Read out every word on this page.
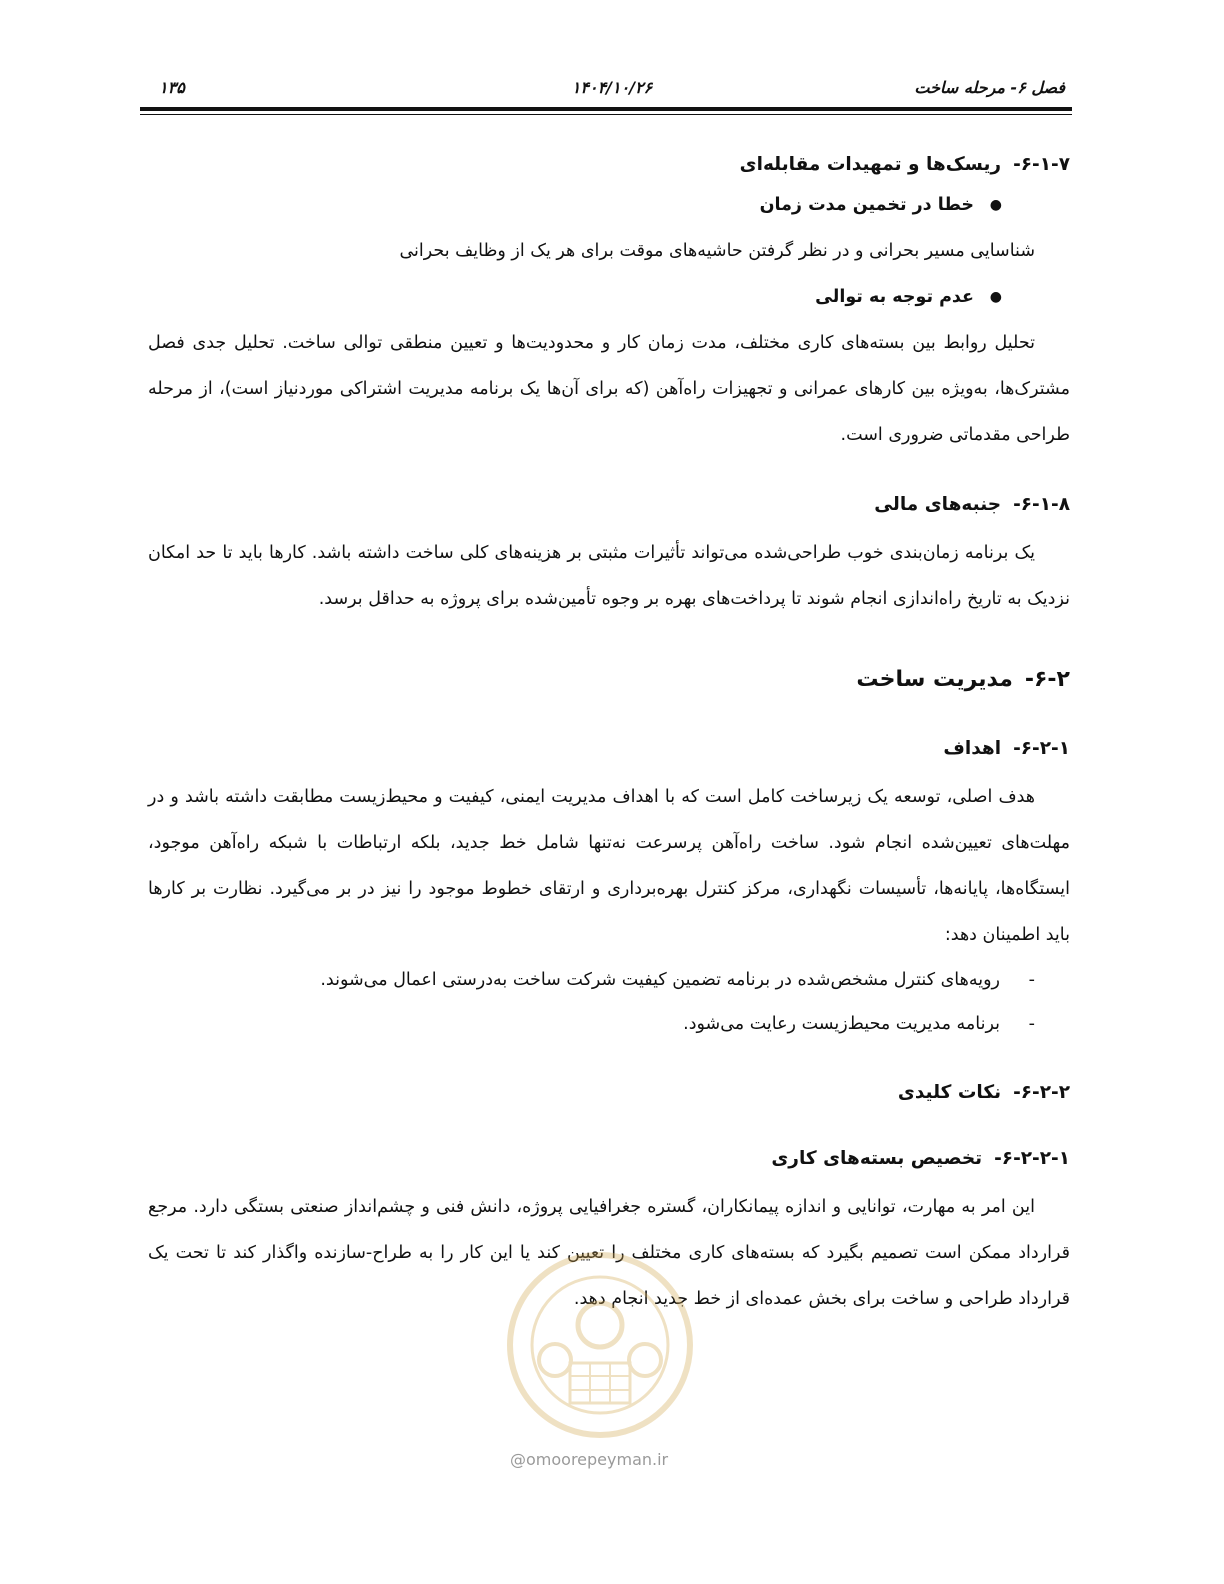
فصل ۶- مرحله ساخت
۱۴۰۴/۱۰/۲۶
۱۳۵
۶-۱-۷-ریسک‌ها و تمهیدات مقابله‌ای
●
خطا در تخمین مدت زمان

شناسایی مسیر بحرانی و در نظر گرفتن حاشیه‌های موقت برای هر یک از وظایف بحرانی

●
عدم توجه به توالی

تحلیل روابط بین بسته‌های کاری مختلف، مدت زمان کار و محدودیت‌ها و تعیین منطقی توالی ساخت. تحلیل جدی فصل مشترک‌ها، به‌ویژه بین کارهای عمرانی و تجهیزات راه‌آهن (که برای آن‌ها یک برنامه مدیریت اشتراکی موردنیاز است)، از مرحله طراحی مقدماتی ضروری است.

۶-۱-۸-جنبه‌های مالی

یک برنامه زمان‌بندی خوب طراحی‌شده می‌تواند تأثیرات مثبتی بر هزینه‌های کلی ساخت داشته باشد. کارها باید تا حد امکان نزدیک به تاریخ راه‌اندازی انجام شوند تا پرداخت‌های بهره بر وجوه تأمین‌شده برای پروژه به حداقل برسد.

۶-۲-مدیریت ساخت
۶-۲-۱-اهداف

هدف اصلی، توسعه یک زیرساخت کامل است که با اهداف مدیریت ایمنی، کیفیت و محیط‌زیست مطابقت داشته باشد و در مهلت‌های تعیین‌شده انجام شود. ساخت راه‌آهن پرسرعت نه‌تنها شامل خط جدید، بلکه ارتباطات با شبکه راه‌آهن موجود، ایستگاه‌ها، پایانه‌ها، تأسیسات نگهداری، مرکز کنترل بهره‌برداری و ارتقای خطوط موجود را نیز در بر می‌گیرد. نظارت بر کارها باید اطمینان دهد:

-
رویه‌های کنترل مشخص‌شده در برنامه تضمین کیفیت شرکت ساخت به‌درستی اعمال می‌شوند.
-
برنامه مدیریت محیط‌زیست رعایت می‌شود.
۶-۲-۲-نکات کلیدی
۶-۲-۲-۱-تخصیص بسته‌های کاری

این امر به مهارت، توانایی و اندازه پیمانکاران، گستره جغرافیایی پروژه، دانش فنی و چشم‌انداز صنعتی بستگی دارد. مرجع قرارداد ممکن است تصمیم بگیرد که بسته‌های کاری مختلف را تعیین کند یا این کار را به طراح-سازنده واگذار کند تا تحت یک قرارداد طراحی و ساخت برای بخش عمده‌ای از خط جدید انجام دهد.

@omoorepeyman.ir
